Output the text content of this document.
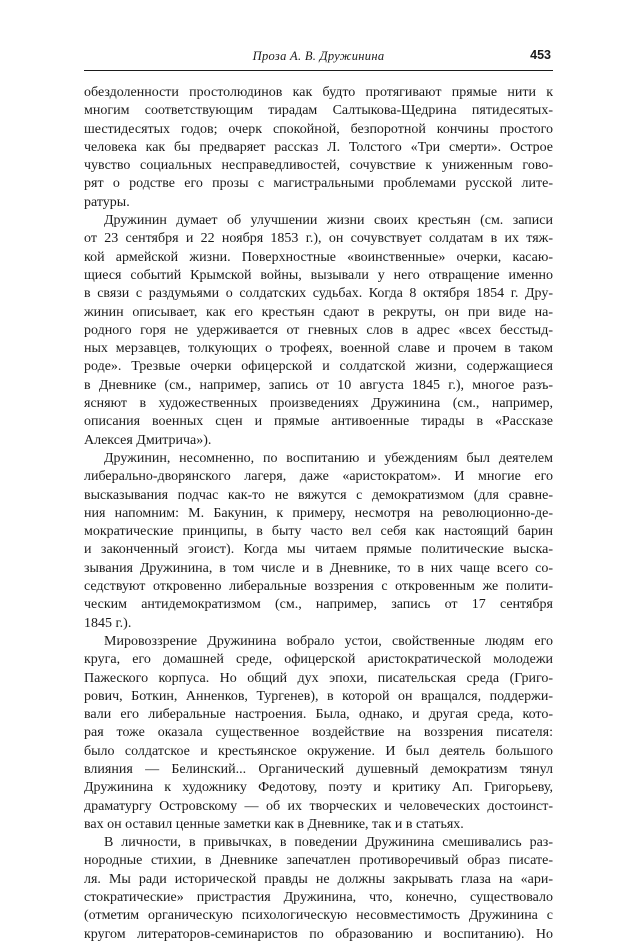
Проза А. В. Дружинина	453
обездоленности простолюдинов как будто протягивают прямые нити к
многим соответствующим тирадам Салтыкова-Щедрина пятидесятых-
шестидесятых годов; очерк спокойной, безпоротной кончины простого
человека как бы предваряет рассказ Л. Толстого «Три смерти». Острое
чувство социальных несправедливостей, сочувствие к униженным гово-
рят о родстве его прозы с магистральными проблемами русской лите-
ратуры.
Дружинин думает об улучшении жизни своих крестьян (см. записи
от 23 сентября и 22 ноября 1853 г.), он сочувствует солдатам в их тяж-
кой армейской жизни. Поверхностные «воинственные» очерки, касаю-
щиеся событий Крымской войны, вызывали у него отвращение именно
в связи с раздумьями о солдатских судьбах. Когда 8 октября 1854 г. Дру-
жинин описывает, как его крестьян сдают в рекруты, он при виде на-
родного горя не удерживается от гневных слов в адрес «всех бесстыд-
ных мерзавцев, толкующих о трофеях, военной славе и прочем в таком
роде». Трезвые очерки офицерской и солдатской жизни, содержащиеся
в Дневнике (см., например, запись от 10 августа 1845 г.), многое разъ-
ясняют в художественных произведениях Дружинина (см., например,
описания военных сцен и прямые антивоенные тирады в «Рассказе
Алексея Дмитрича»).
Дружинин, несомненно, по воспитанию и убеждениям был деятелем
либерально-дворянского лагеря, даже «аристократом». И многие его
высказывания подчас как-то не вяжутся с демократизмом (для сравне-
ния напомним: М. Бакунин, к примеру, несмотря на революционно-де-
мократические принципы, в быту часто вел себя как настоящий барин
и законченный эгоист). Когда мы читаем прямые политические выска-
зывания Дружинина, в том числе и в Дневнике, то в них чаще всего со-
седствуют откровенно либеральные воззрения с откровенным же полити-
ческим антидемократизмом (см., например, запись от 17 сентября
1845 г.).
Мировоззрение Дружинина вобрало устои, свойственные людям его
круга, его домашней среде, офицерской аристократической молодежи
Пажеского корпуса. Но общий дух эпохи, писательская среда (Григо-
рович, Боткин, Анненков, Тургенев), в которой он вращался, поддержи-
вали его либеральные настроения. Была, однако, и другая среда, кото-
рая тоже оказала существенное воздействие на воззрения писателя:
было солдатское и крестьянское окружение. И был деятель большого
влияния — Белинский... Органический душевный демократизм тянул
Дружинина к художнику Федотову, поэту и критику Ап. Григорьеву,
драматургу Островскому — об их творческих и человеческих достоинст-
вах он оставил ценные заметки как в Дневнике, так и в статьях.
В личности, в привычках, в поведении Дружинина смешивались раз-
нородные стихии, в Дневнике запечатлен противоречивый образ писате-
ля. Мы ради исторической правды не должны закрывать глаза на «ари-
стократические» пристрастия Дружинина, что, конечно, существовало
(отметим органическую психологическую несовместимость Дружинина с
кругом литераторов-семинаристов по образованию и воспитанию). Но
